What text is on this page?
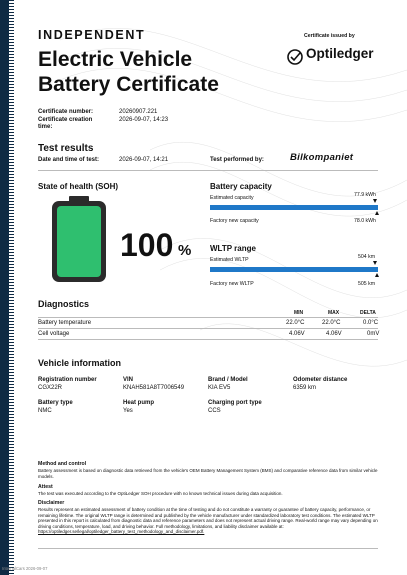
INDEPENDENT
Electric Vehicle
Battery Certificate
Certificate issued by
Optiledger
Certificate number:	20260907.221
Certificate creation
time:
2026-09-07, 14:23
Test results
Date and time of test:	2026-09-07, 14:21	Test performed by:	Bilkompaniet
State of health (SOH)
100 %
Battery capacity
Estimated capacity	77.9 kWh
Factory new capacity	78.0 kWh
WLTP range
Estimated WLTP	504 km
Factory new WLTP	505 km
Diagnostics
MIN	MAX	DELTA
Battery temperature	22.0°C	22.0°C	0.0°C
Cell voltage	4.06V	4.06V	0mV
Vehicle information
Registration number
CGX22R
VIN
KNAH581A8T7006549
Brand / Model
KIA EV5
Odometer distance
6359 km
Battery type
NMC
Heat pump
Yes
Charging port type
CCS
Method and control
Battery assessment is based on diagnostic data retrieved from the vehicle's OEM Battery Management System (BMS) and comparative reference data from similar vehicle models.
Attest
The test was executed according to the OptiLedger SOH procedure with no known technical issues during data acquisition.
Disclaimer
Results represent an estimated assessment of battery condition at the time of testing and do not constitute a warranty or guarantee of battery capacity, performance, or remaining lifetime. The original WLTP range is determined and published by the vehicle manufacturer under standardized laboratory test conditions. The estimated WLTP presented in this report is calculated from diagnostic data and reference parameters and does not represent actual driving range. Real-world range may vary depending on driving conditions, temperature, load, and driving behavior. Full methodology, limitations, and liability disclaimer available at: https://optiledger.se/legal/optiledger_battery_test_methodology_and_disclaimer.pdf.
InternalCars 2026-09-07
